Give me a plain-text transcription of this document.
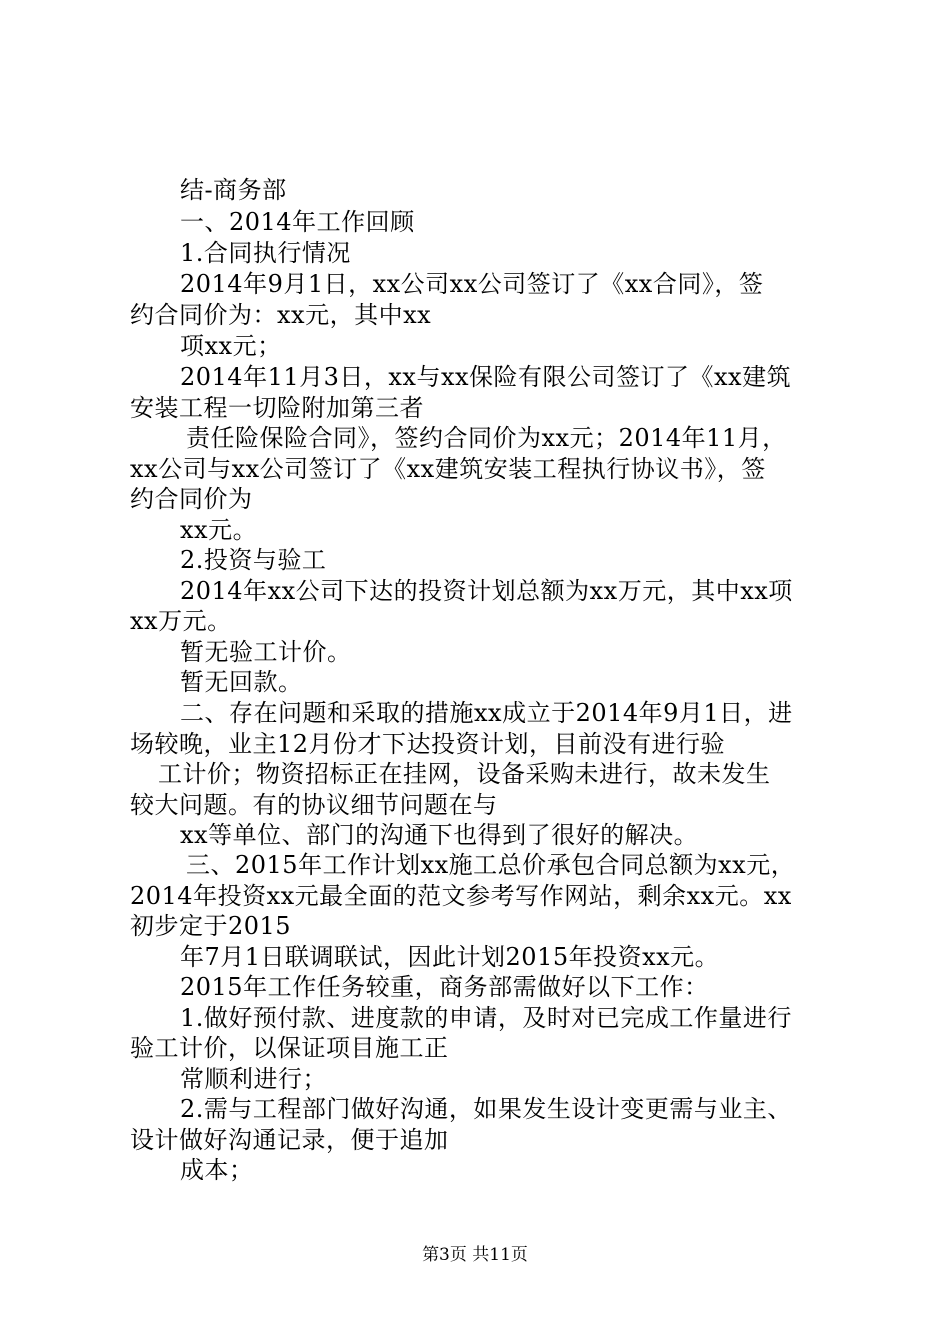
结-商务部
一、2014年工作回顾
1.合同执行情况
2014年9月1日，xx公司xx公司签订了《xx合同》，签
约合同价为：xx元，其中xx
项xx元；
2014年11月3日，xx与xx保险有限公司签订了《xx建筑
安装工程一切险附加第三者
责任险保险合同》，签约合同价为xx元；2014年11月，
xx公司与xx公司签订了《xx建筑安装工程执行协议书》，签
约合同价为
xx元。
2.投资与验工
2014年xx公司下达的投资计划总额为xx万元，其中xx项
xx万元。
暂无验工计价。
暂无回款。
二、存在问题和采取的措施xx成立于2014年9月1日，进
场较晚，业主12月份才下达投资计划，目前没有进行验
工计价；物资招标正在挂网，设备采购未进行，故未发生
较大问题。有的协议细节问题在与
xx等单位、部门的沟通下也得到了很好的解决。
三、2015年工作计划xx施工总价承包合同总额为xx元，
2014年投资xx元最全面的范文参考写作网站，剩余xx元。xx
初步定于2015
年7月1日联调联试，因此计划2015年投资xx元。
2015年工作任务较重，商务部需做好以下工作：
1.做好预付款、进度款的申请，及时对已完成工作量进行
验工计价，以保证项目施工正
常顺利进行；
2.需与工程部门做好沟通，如果发生设计变更需与业主、
设计做好沟通记录，便于追加
成本；
第3页 共11页
